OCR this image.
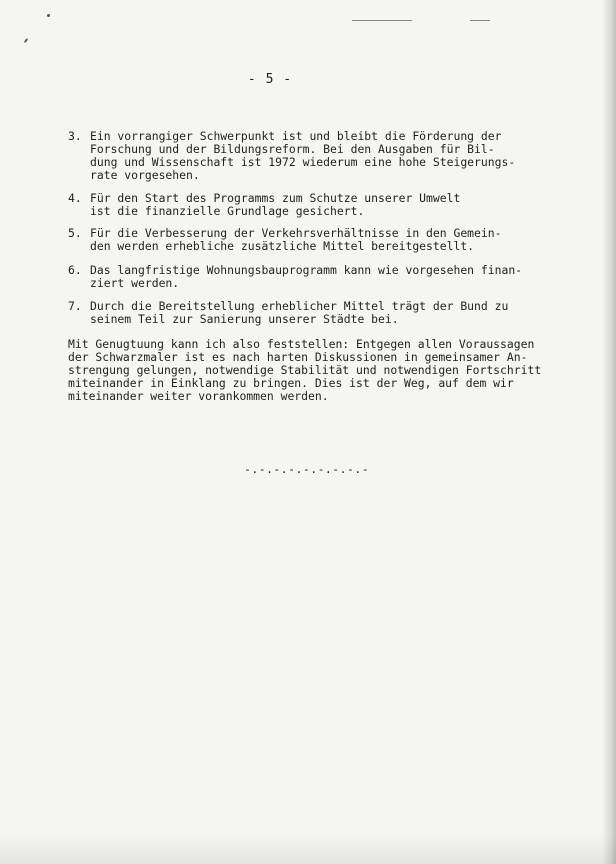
- 5 -
3. Ein vorrangiger Schwerpunkt ist und bleibt die Förderung der
Forschung und der Bildungsreform. Bei den Ausgaben für Bil-
dung und Wissenschaft ist 1972 wiederum eine hohe Steigerungs-
rate vorgesehen.
4. Für den Start des Programms zum Schutze unserer Umwelt
ist die finanzielle Grundlage gesichert.
5. Für die Verbesserung der Verkehrsverhältnisse in den Gemein-
den werden erhebliche zusätzliche Mittel bereitgestellt.
6. Das langfristige Wohnungsbauprogramm kann wie vorgesehen finan-
ziert werden.
7. Durch die Bereitstellung erheblicher Mittel trägt der Bund zu
seinem Teil zur Sanierung unserer Städte bei.
Mit Genugtuung kann ich also feststellen: Entgegen allen Voraussagen
der Schwarzmaler ist es nach harten Diskussionen in gemeinsamer An-
strengung gelungen, notwendige Stabilität und notwendigen Fortschritt
miteinander in Einklang zu bringen. Dies ist der Weg, auf dem wir
miteinander weiter vorankommen werden.
-.-.-.-.-.-.-.-.-
